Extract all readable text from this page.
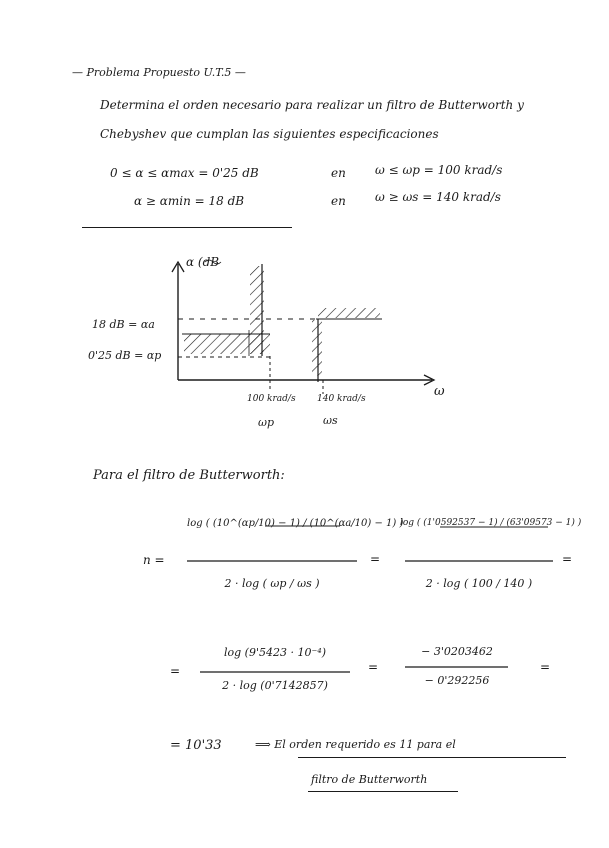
— Problema Propuesto U.T.5 —
Determina el orden necesario para realizar un filtro de Butterworth y
Chebyshev que cumplan las siguientes especificaciones
0 ≤ α ≤ αmax = 0'25 dB	en ω ≤ ωp = 100 krad/s
α ≥ αmin = 18 dB	en ω ≥ ωs = 140 krad/s
α (dB
18 dB = αa
0'25 dB = αp
ω
100 krad/s
ωp
140 krad/s
ωs
Para el filtro de Butterworth:
n =
log ( (10^(αp/10) − 1) / (10^(αa/10) − 1) )
2 · log ( ωp / ωs )
=
log ( (1'0592537 − 1) / (63'09573 − 1) )
2 · log ( 100 / 140 )
=
=
log (9'5423 · 10⁻⁴)
2 · log (0'7142857)
=
− 3'0203462
− 0'292256
=
= 10'33	⟹ El orden requerido es 11 para el
filtro de Butterworth
